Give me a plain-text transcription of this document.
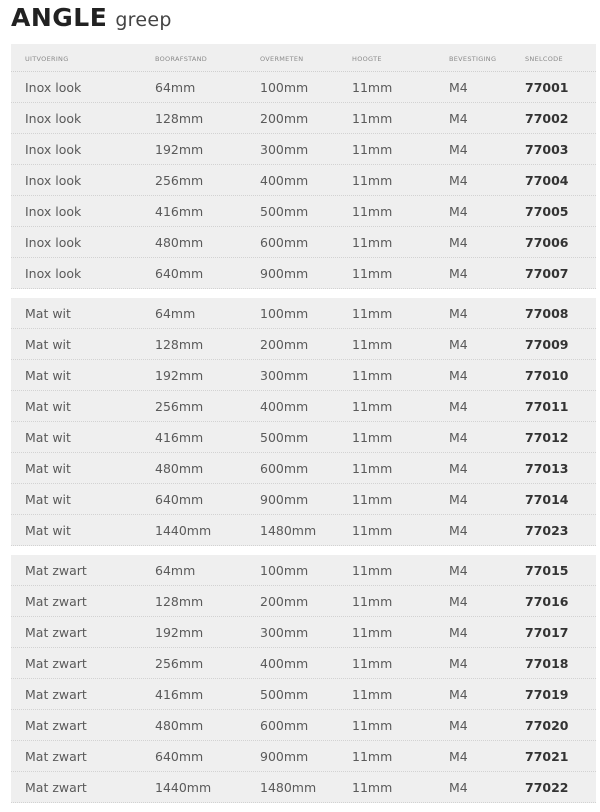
ANGLE greep
UITVOERING	BOORAFSTAND	OVERMETEN	HOOGTE	BEVESTIGING	SNELCODE
Inox look	64mm	100mm	11mm	M4	77001
Inox look	128mm	200mm	11mm	M4	77002
Inox look	192mm	300mm	11mm	M4	77003
Inox look	256mm	400mm	11mm	M4	77004
Inox look	416mm	500mm	11mm	M4	77005
Inox look	480mm	600mm	11mm	M4	77006
Inox look	640mm	900mm	11mm	M4	77007
Mat wit	64mm	100mm	11mm	M4	77008
Mat wit	128mm	200mm	11mm	M4	77009
Mat wit	192mm	300mm	11mm	M4	77010
Mat wit	256mm	400mm	11mm	M4	77011
Mat wit	416mm	500mm	11mm	M4	77012
Mat wit	480mm	600mm	11mm	M4	77013
Mat wit	640mm	900mm	11mm	M4	77014
Mat wit	1440mm	1480mm	11mm	M4	77023
Mat zwart	64mm	100mm	11mm	M4	77015
Mat zwart	128mm	200mm	11mm	M4	77016
Mat zwart	192mm	300mm	11mm	M4	77017
Mat zwart	256mm	400mm	11mm	M4	77018
Mat zwart	416mm	500mm	11mm	M4	77019
Mat zwart	480mm	600mm	11mm	M4	77020
Mat zwart	640mm	900mm	11mm	M4	77021
Mat zwart	1440mm	1480mm	11mm	M4	77022
